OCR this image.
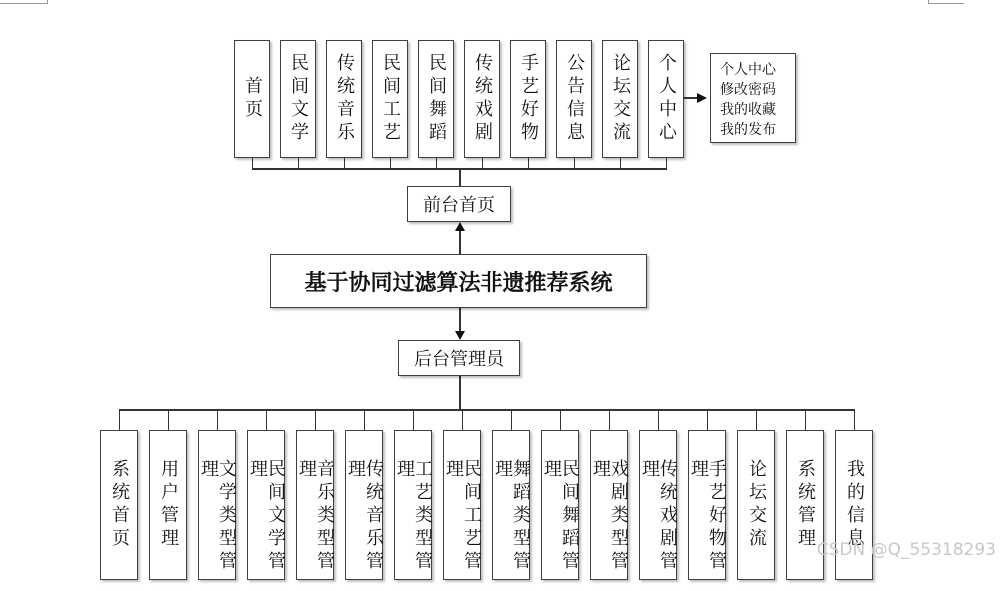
首页	民间文学	传统音乐	民间工艺	民间舞蹈	传统戏剧	手艺好物	公告信息	论坛交流	个人中心
系统首页	用户管理	文学类型管理	民间文学管理	音乐类型管理	传统音乐管理	工艺类型管理	民间工艺管理	舞蹈类型管理	民间舞蹈管理	戏剧类型管理	传统戏剧管理	手艺好物管理	论坛交流	系统管理	我的信息
前台首页
基于协同过滤算法非遗推荐系统
后台管理员
个人中心
修改密码
我的收藏
我的发布
CSDN @Q_55318293
